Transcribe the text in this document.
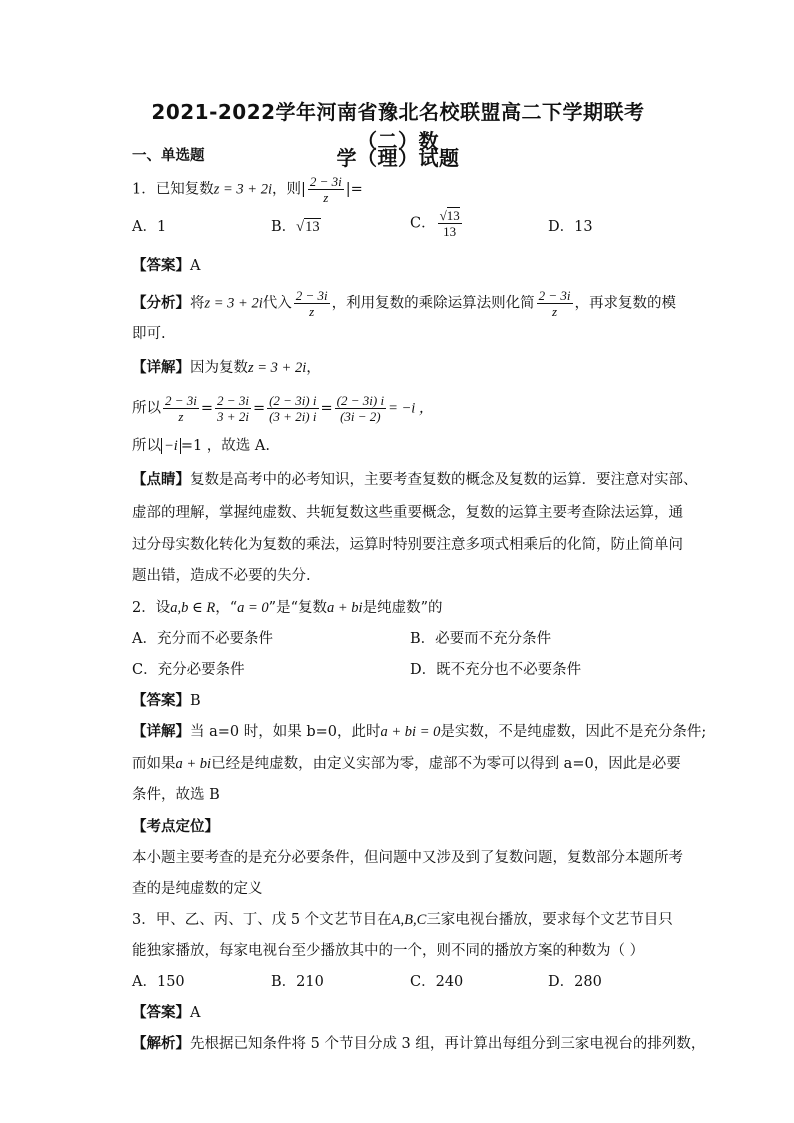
2021-2022学年河南省豫北名校联盟高二下学期联考（二）数
学（理）试题
一、单选题
1．已知复数z = 3 + 2i，则| $\frac{2 - 3i}{z}$ |=
A．1	B．√13	C． $\frac{√13}{13}$	D．13
【答案】A
【分析】将z = 3 + 2i代入 $\frac{2 - 3i}{z}$ ，利用复数的乘除运算法则化简 $\frac{2 - 3i}{z}$ ，再求复数的模
即可.
【详解】因为复数z = 3 + 2i，
所以 $\frac{2 - 3i}{z} = \frac{2 - 3i}{3 + 2i} = \frac{(2 - 3i) i}{(3 + 2i) i} = \frac{(2 - 3i) i}{(3i - 2)} = -i$ ，
所以 −i =1 ，故选 A.
【点睛】复数是高考中的必考知识，主要考查复数的概念及复数的运算．要注意对实部、
虚部的理解，掌握纯虚数、共轭复数这些重要概念，复数的运算主要考查除法运算，通
过分母实数化转化为复数的乘法，运算时特别要注意多项式相乘后的化简，防止简单问
题出错，造成不必要的失分.
2．设a,b ∈ R，“a = 0”是“复数a + bi是纯虚数”的
A．充分而不必要条件	B．必要而不充分条件
C．充分必要条件	D．既不充分也不必要条件
【答案】B
【详解】当 a=0 时，如果 b=0，此时a + bi = 0是实数，不是纯虚数，因此不是充分条件;
而如果a + bi已经是纯虚数，由定义实部为零，虚部不为零可以得到 a=0，因此是必要
条件，故选 B
【考点定位】
本小题主要考查的是充分必要条件，但问题中又涉及到了复数问题，复数部分本题所考
查的是纯虚数的定义
3．甲、乙、丙、丁、戊 5 个文艺节目在A,B,C三家电视台播放，要求每个文艺节目只
能独家播放，每家电视台至少播放其中的一个，则不同的播放方案的种数为（ ）
A．150	B．210	C．240	D．280
【答案】A
【解析】先根据已知条件将 5 个节目分成 3 组，再计算出每组分到三家电视台的排列数，
